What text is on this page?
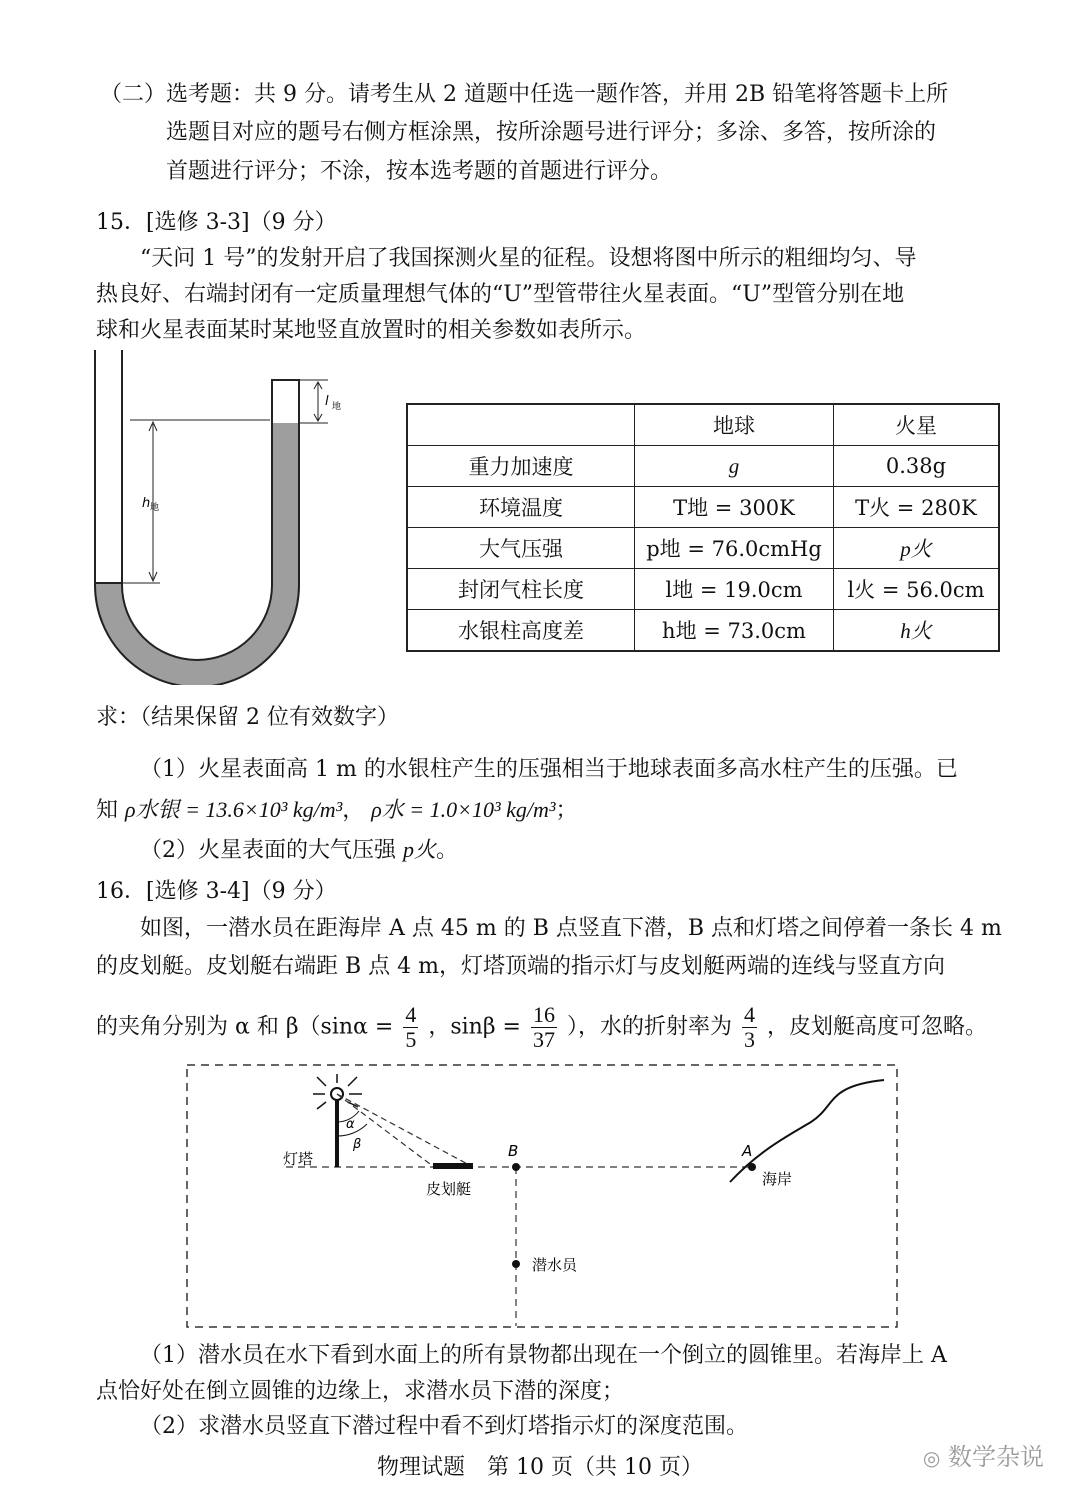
（二）选考题：共 9 分。请考生从 2 道题中任选一题作答，并用 2B 铅笔将答题卡上所
选题目对应的题号右侧方框涂黑，按所涂题号进行评分；多涂、多答，按所涂的
首题进行评分；不涂，按本选考题的首题进行评分。
15．[选修 3-3]（9 分）
“天问 1 号”的发射开启了我国探测火星的征程。设想将图中所示的粗细均匀、导
热良好、右端封闭有一定质量理想气体的“U”型管带往火星表面。“U”型管分别在地
球和火星表面某时某地竖直放置时的相关参数如表所示。
l 地
h 地
	地球	火星
重力加速度	g	0.38g
环境温度	T地 = 300K	T火 = 280K
大气压强	p地 = 76.0cmHg	p火
封闭气柱长度	l地 = 19.0cm	l火 = 56.0cm
水银柱高度差	h地 = 73.0cm	h火
求：（结果保留 2 位有效数字）
（1）火星表面高 1 m 的水银柱产生的压强相当于地球表面多高水柱产生的压强。已
知 ρ水银 = 13.6×10³ kg/m³， ρ水 = 1.0×10³ kg/m³；
（2）火星表面的大气压强 p火。
16．[选修 3-4]（9 分）
如图，一潜水员在距海岸 A 点 45 m 的 B 点竖直下潜，B 点和灯塔之间停着一条长 4 m
的皮划艇。皮划艇右端距 B 点 4 m，灯塔顶端的指示灯与皮划艇两端的连线与竖直方向
的夹角分别为 α 和 $\beta(\sin\alpha = \frac{4}{5}$ ，$\sin\beta = \frac{16}{37}$ ），水的折射率为 $\frac{4}{3}$ ，皮划艇高度可忽略。
α
β
灯塔
皮划艇
B	A
海岸
潜水员
（1）潜水员在水下看到水面上的所有景物都出现在一个倒立的圆锥里。若海岸上 A
点恰好处在倒立圆锥的边缘上，求潜水员下潜的深度；
（2）求潜水员竖直下潜过程中看不到灯塔指示灯的深度范围。
物理试题　第 10 页（共 10 页）	◎ 数学杂说
